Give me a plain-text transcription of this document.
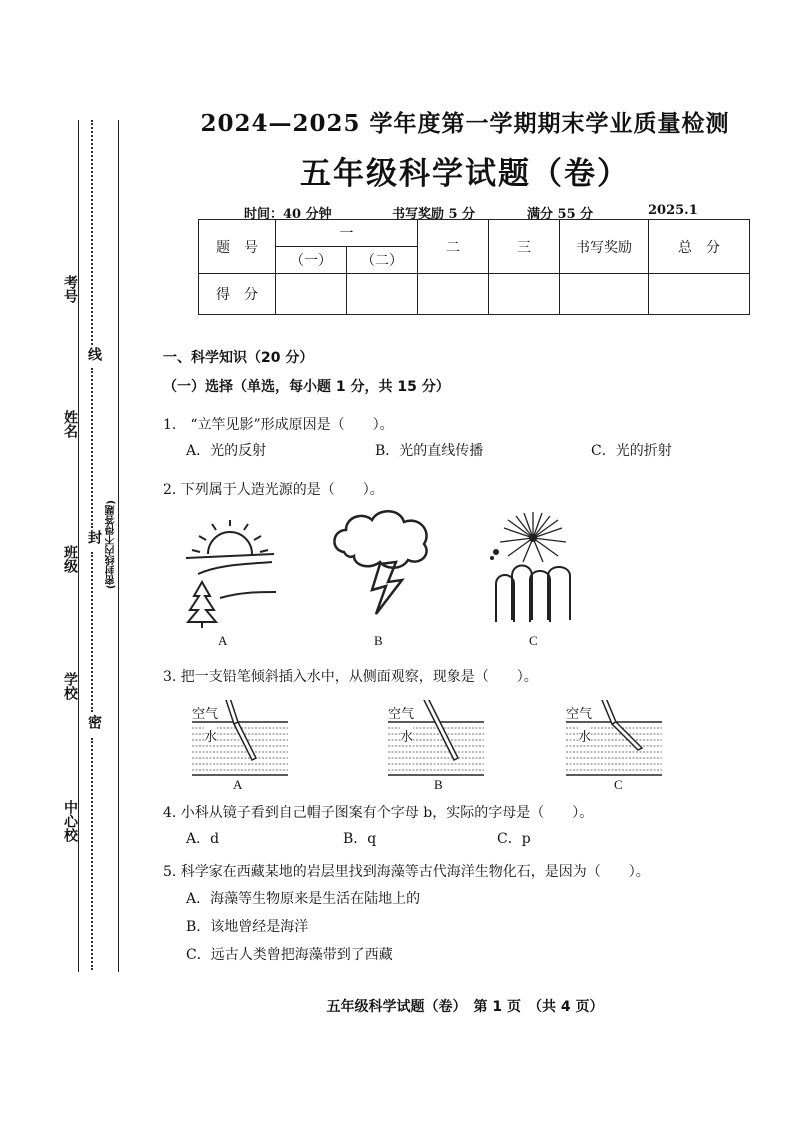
考号
姓名
班级
学校
中心校
线
封
密
(密封线内不得答题)
2024—2025 学年度第一学期期末学业质量检测
五年级科学试题（卷）
时间：40 分钟	书写奖励 5 分	满分 55 分	2025.1
题　号	一		二	三	书写奖励	总　分
	（一）	（二）				
得　分						
一、科学知识（20 分）
（一）选择（单选，每小题 1 分，共 15 分）
1.　“立竿见影”形成原因是（　　）。
A．光的反射	B．光的直线传播	C．光的折射
2. 下列属于人造光源的是（　　）。
A	B	C
3. 把一支铅笔倾斜插入水中，从侧面观察，现象是（　　）。
空气
水
空气
水
空气
水
A	B	C
4. 小科从镜子看到自己帽子图案有个字母 b，实际的字母是（　　）。
A．d	B．q	C．p
5. 科学家在西藏某地的岩层里找到海藻等古代海洋生物化石，是因为（　　）。
A．海藻等生物原来是生活在陆地上的
B．该地曾经是海洋
C．远古人类曾把海藻带到了西藏
五年级科学试题（卷）　第 1 页　（共 4 页）
